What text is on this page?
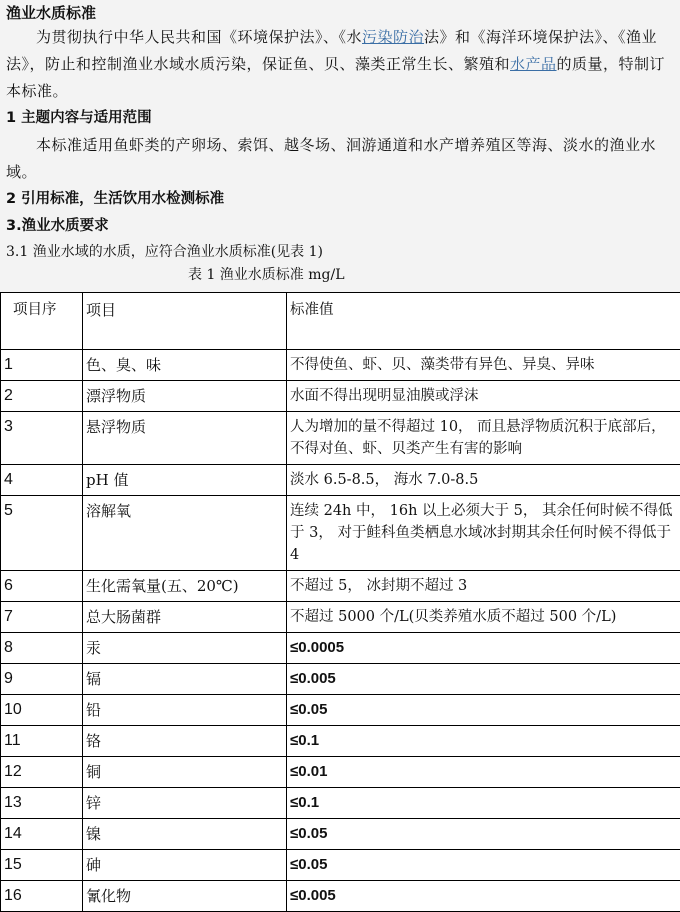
渔业水质标准

为贯彻执行中华人民共和国《环境保护法》、《水污染防治法》和《海洋环境保护法》、《渔业法》，防止和控制渔业水域水质污染，保证鱼、贝、藻类正常生长、繁殖和水产品的质量，特制订本标准。

1 主题内容与适用范围

本标准适用鱼虾类的产卵场、索饵、越冬场、洄游通道和水产增养殖区等海、淡水的渔业水域。

2 引用标准，生活饮用水检测标准

3.渔业水质要求

3.1 渔业水域的水质，应符合渔业水质标准(见表 1)

表 1 渔业水质标准 mg/L

项目序	项目	标准值
1	色、臭、味	不得使鱼、虾、贝、藻类带有异色、异臭、异味
2	漂浮物质	水面不得出现明显油膜或浮沫
3	悬浮物质	人为增加的量不得超过 10， 而且悬浮物质沉积于底部后， 不得对鱼、虾、贝类产生有害的影响
4	pH 值	淡水 6.5-8.5， 海水 7.0-8.5
5	溶解氧	连续 24h 中， 16h 以上必须大于 5， 其余任何时候不得低于 3， 对于鲑科鱼类栖息水域冰封期其余任何时候不得低于 4
6	生化需氧量(五、20℃)	不超过 5， 冰封期不超过 3
7	总大肠菌群	不超过 5000 个/L(贝类养殖水质不超过 500 个/L)
8	汞	≤0.0005
9	镉	≤0.005
10	铅	≤0.05
11	铬	≤0.1
12	铜	≤0.01
13	锌	≤0.1
14	镍	≤0.05
15	砷	≤0.05
16	氰化物	≤0.005
